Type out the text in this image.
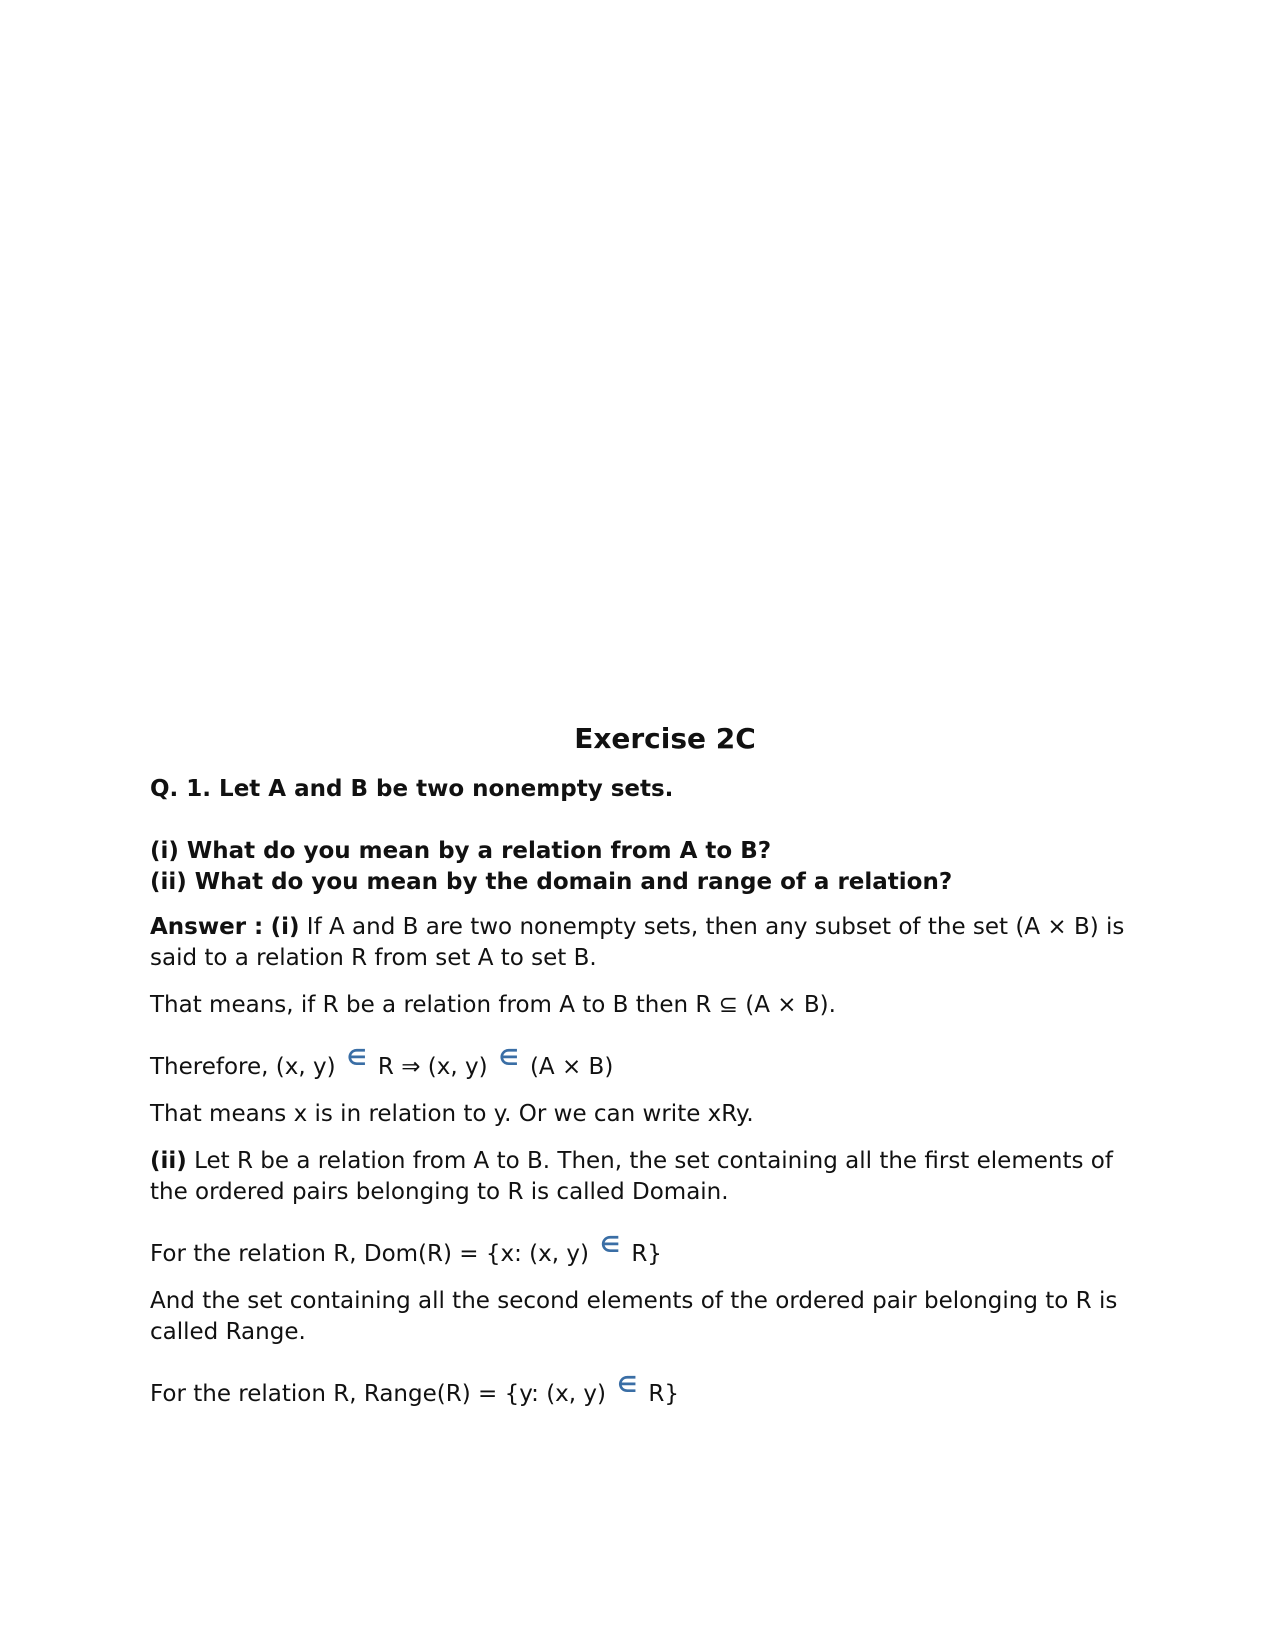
Exercise 2C
Q. 1. Let A and B be two nonempty sets.
(i) What do you mean by a relation from A to B?
(ii) What do you mean by the domain and range of a relation?

Answer : (i) If A and B are two nonempty sets, then any subset of the set (A × B) is said to a relation R from set A to set B.

That means, if R be a relation from A to B then R ⊆ (A × B).

Therefore, (x, y) ∈ R ⇒ (x, y) ∈ (A × B)

That means x is in relation to y. Or we can write xRy.

(ii) Let R be a relation from A to B. Then, the set containing all the first elements of the ordered pairs belonging to R is called Domain.

For the relation R, Dom(R) = {x: (x, y) ∈ R}

And the set containing all the second elements of the ordered pair belonging to R is called Range.

For the relation R, Range(R) = {y: (x, y) ∈ R}
